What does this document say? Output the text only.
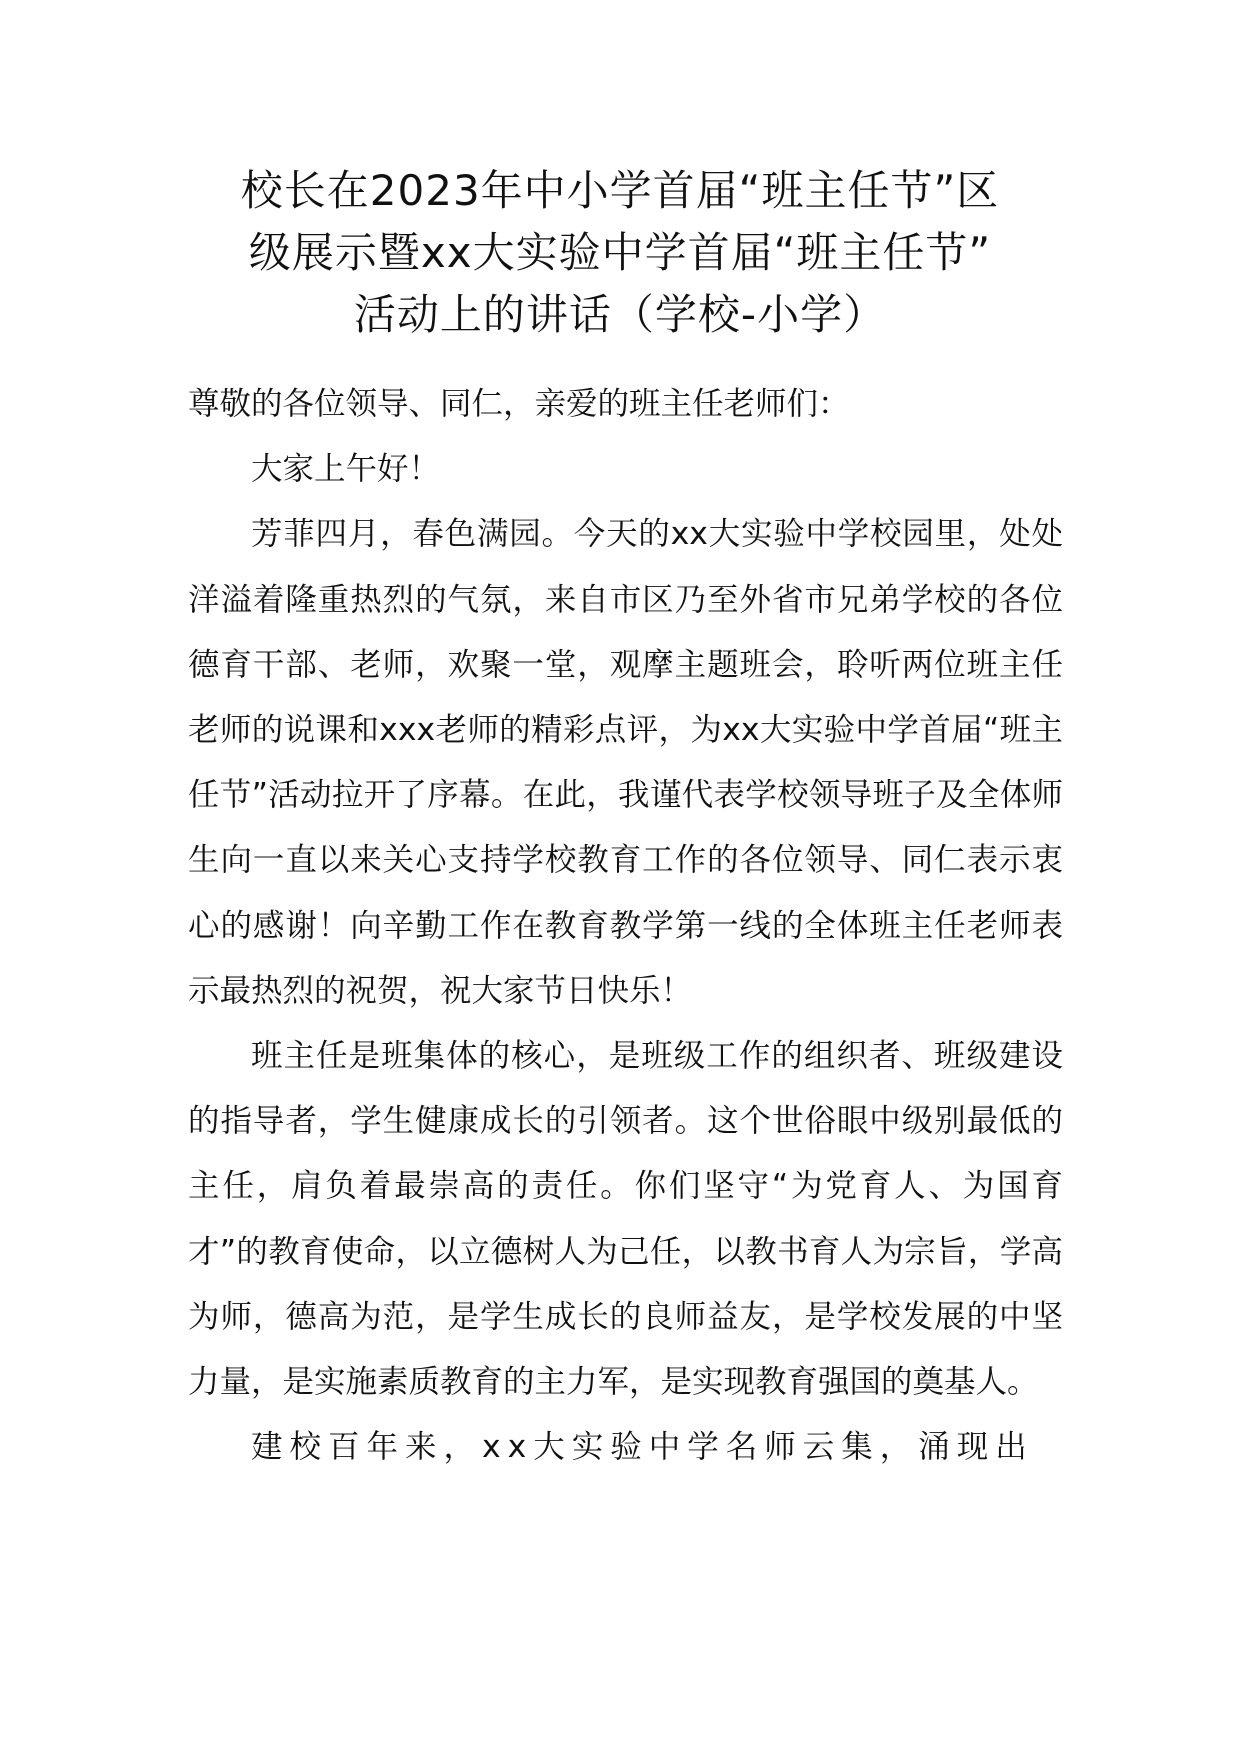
校长在2023年中小学首届“班主任节”区
级展示暨xx大实验中学首届“班主任节”
活动上的讲话（学校-小学）

尊敬的各位领导、同仁，亲爱的班主任老师们：

大家上午好！

芳菲四月，春色满园。今天的xx大实验中学校园里，处处洋溢着隆重热烈的气氛，来自市区乃至外省市兄弟学校的各位德育干部、老师，欢聚一堂，观摩主题班会，聆听两位班主任老师的说课和xxx老师的精彩点评，为xx大实验中学首届“班主任节”活动拉开了序幕。在此，我谨代表学校领导班子及全体师生向一直以来关心支持学校教育工作的各位领导、同仁表示衷心的感谢！向辛勤工作在教育教学第一线的全体班主任老师表示最热烈的祝贺，祝大家节日快乐！

班主任是班集体的核心，是班级工作的组织者、班级建设的指导者，学生健康成长的引领者。这个世俗眼中级别最低的主任，肩负着最崇高的责任。你们坚守“为党育人、为国育才”的教育使命，以立德树人为己任，以教书育人为宗旨，学高为师，德高为范，是学生成长的良师益友，是学校发展的中坚力量，是实施素质教育的主力军，是实现教育强国的奠基人。

建校百年来，xx大实验中学名师云集，涌现出
